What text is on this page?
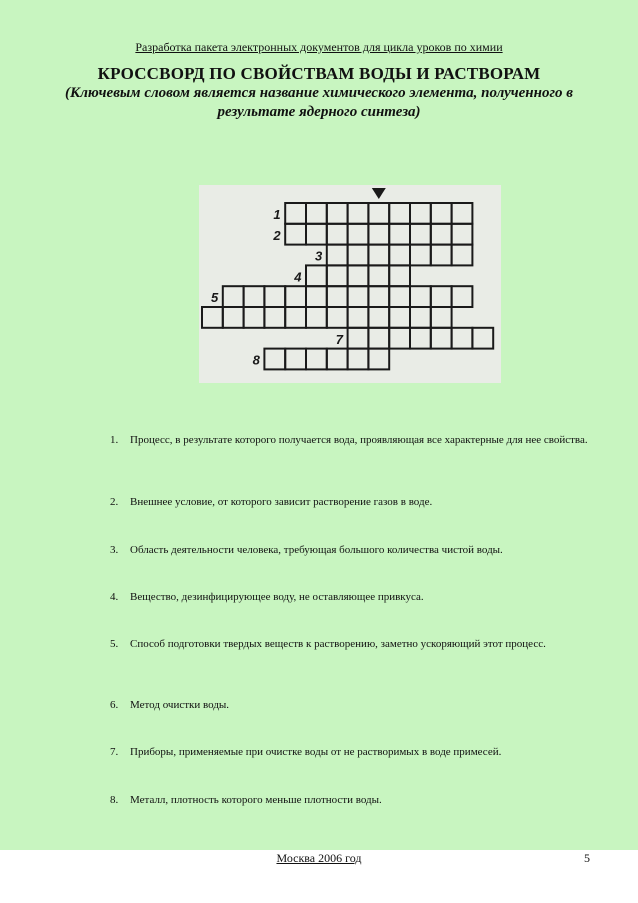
Разработка пакета электронных документов для цикла уроков по химии
КРОССВОРД ПО СВОЙСТВАМ ВОДЫ И РАСТВОРАМ
(Ключевым словом является название химического элемента, полученного в результате ядерного синтеза)
1
2
3
4
5
7
8
1.	Процесс, в результате которого получается вода, проявляющая все характерные для нее свойства.
2.	Внешнее условие, от которого зависит растворение газов в воде.
3.	Область деятельности человека, требующая большого количества чистой воды.
4.	Вещество, дезинфицирующее воду, не оставляющее привкуса.
5.	Способ подготовки твердых веществ к растворению, заметно ускоряющий этот процесс.
6.	Метод очистки воды.
7.	Приборы, применяемые при очистке воды от не растворимых в воде примесей.
8.	Металл, плотность которого меньше плотности воды.
Москва 2006 год	5
